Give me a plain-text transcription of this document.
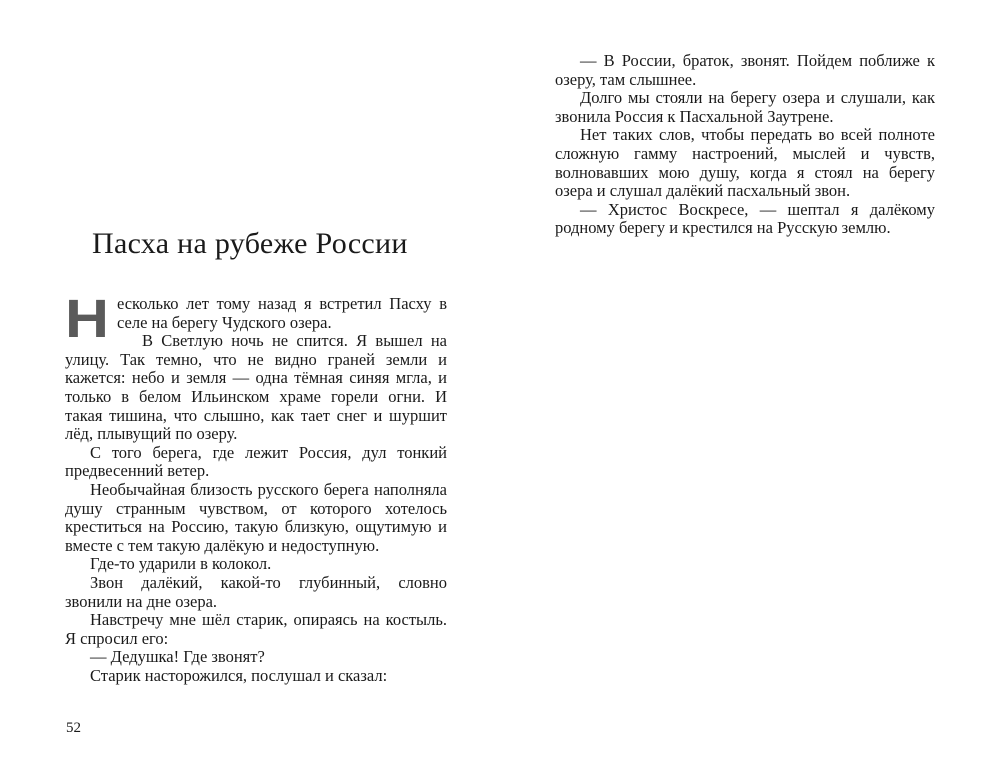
Пасха на рубеже России

Н есколько лет тому назад я встретил Пасху в селе на берегу Чудского озера.

В Светлую ночь не спится. Я вышел на улицу. Так темно, что не видно граней земли и кажется: небо и земля — одна тёмная синяя мгла, и только в белом Ильинском храме горели огни. И такая тишина, что слышно, как тает снег и шуршит лёд, плывущий по озеру.

С того берега, где лежит Россия, дул тонкий предвесенний ветер.

Необычайная близость русского берега наполняла душу странным чувством, от которого хотелось креститься на Россию, такую близкую, ощутимую и вместе с тем такую далёкую и недоступную.

Где-то ударили в колокол.

Звон далёкий, какой-то глубинный, словно звонили на дне озера.

Навстречу мне шёл старик, опираясь на костыль. Я спросил его:

— Дедушка! Где звонят?

Старик насторожился, послушал и сказал:

52

— В России, браток, звонят. Пойдем поближе к озеру, там слышнее.

Долго мы стояли на берегу озера и слушали, как звонила Россия к Пасхальной Заутрене.

Нет таких слов, чтобы передать во всей полноте сложную гамму настроений, мыслей и чувств, волновавших мою душу, когда я стоял на берегу озера и слушал далёкий пасхальный звон.

— Христос Воскресе, — шептал я далёкому родному берегу и крестился на Русскую землю.
